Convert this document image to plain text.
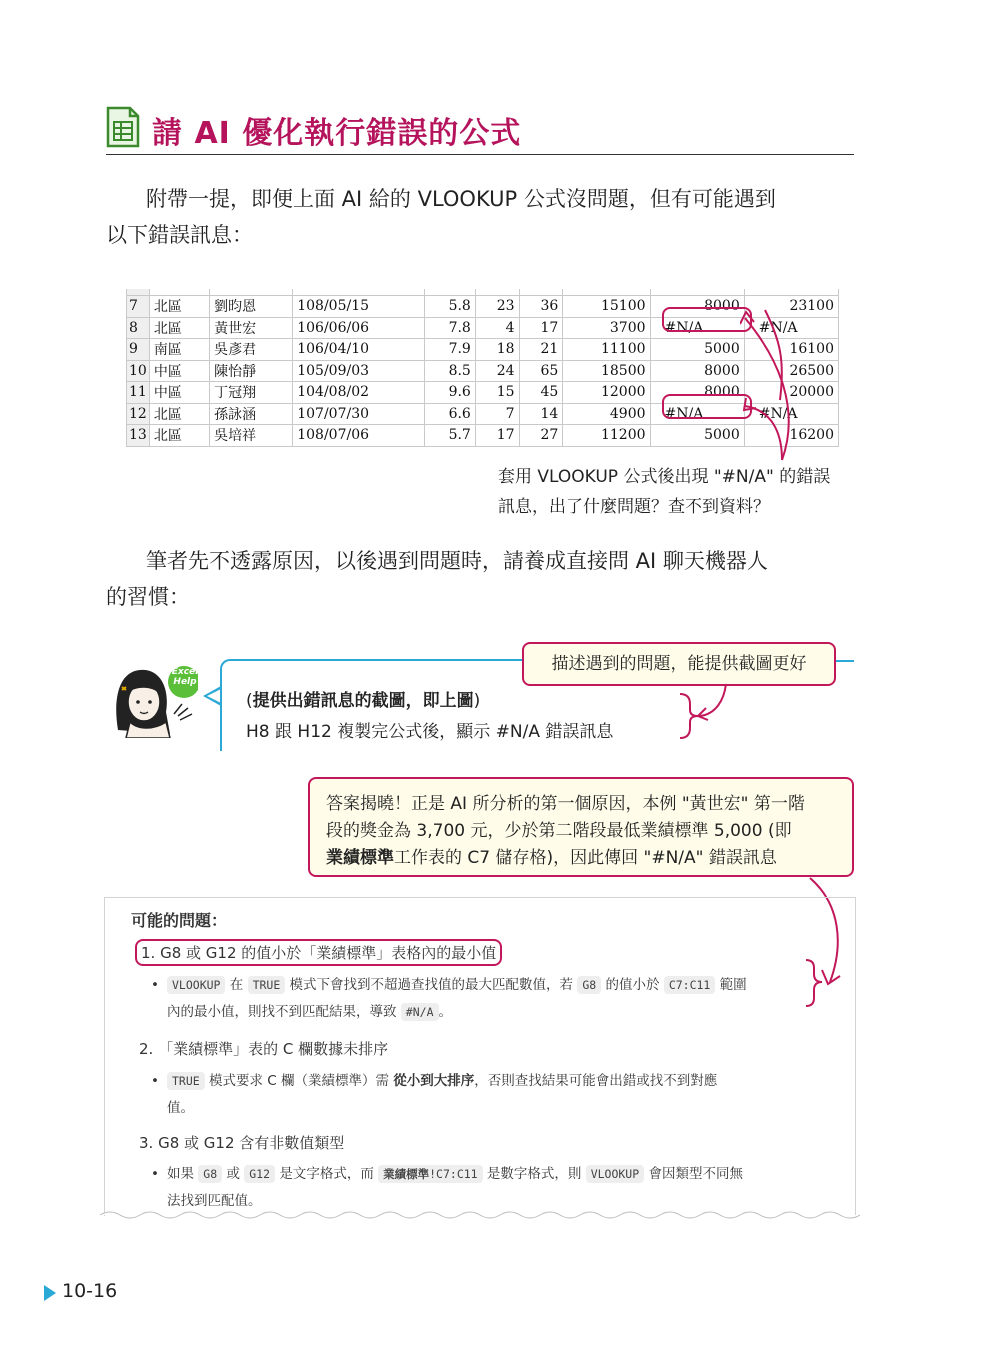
請 AI 優化執行錯誤的公式
附帶一提，即便上面 AI 給的 VLOOKUP 公式沒問題，但有可能遇到
以下錯誤訊息：

7	北區	劉昀恩	108/05/15	5.8	23	36	15100	8000	23100
8	北區	黃世宏	106/06/06	7.8	4	17	3700	#N/A	#N/A
9	南區	吳彥君	106/04/10	7.9	18	21	11100	5000	16100
10	中區	陳怡靜	105/09/03	8.5	24	65	18500	8000	26500
11	中區	丁冠翔	104/08/02	9.6	15	45	12000	8000	20000
12	北區	孫詠涵	107/07/30	6.6	7	14	4900	#N/A	#N/A
13	北區	吳培祥	108/07/06	5.7	17	27	11200	5000	16200
套用 VLOOKUP 公式後出現 "#N/A" 的錯誤
訊息，出了什麼問題？查不到資料？
筆者先不透露原因，以後遇到問題時，請養成直接問 AI 聊天機器人
的習慣：
Excel
Help
描述遇到的問題，能提供截圖更好
(提供出錯訊息的截圖，即上圖)
H8 跟 H12 複製完公式後，顯示 #N/A 錯誤訊息
答案揭曉！正是 AI 所分析的第一個原因，本例 "黃世宏" 第一階
段的獎金為 3,700 元，少於第二階段最低業績標準 5,000 (即
業績標準工作表的 C7 儲存格)，因此傳回 "#N/A" 錯誤訊息
可能的問題：
1. G8 或 G12 的值小於「業績標準」表格內的最小值
• VLOOKUP 在 TRUE 模式下會找到不超過查找值的最大匹配數值，若 G8 的值小於 C7:C11 範圍
內的最小值，則找不到匹配結果，導致 #N/A 。
2. 「業績標準」表的 C 欄數據未排序
• TRUE 模式要求 C 欄（業績標準）需 從小到大排序，否則查找結果可能會出錯或找不到對應
值。
3. G8 或 G12 含有非數值類型
• 如果 G8 或 G12 是文字格式，而 業績標準!C7:C11 是數字格式，則 VLOOKUP 會因類型不同無
法找到匹配值。
10-16
